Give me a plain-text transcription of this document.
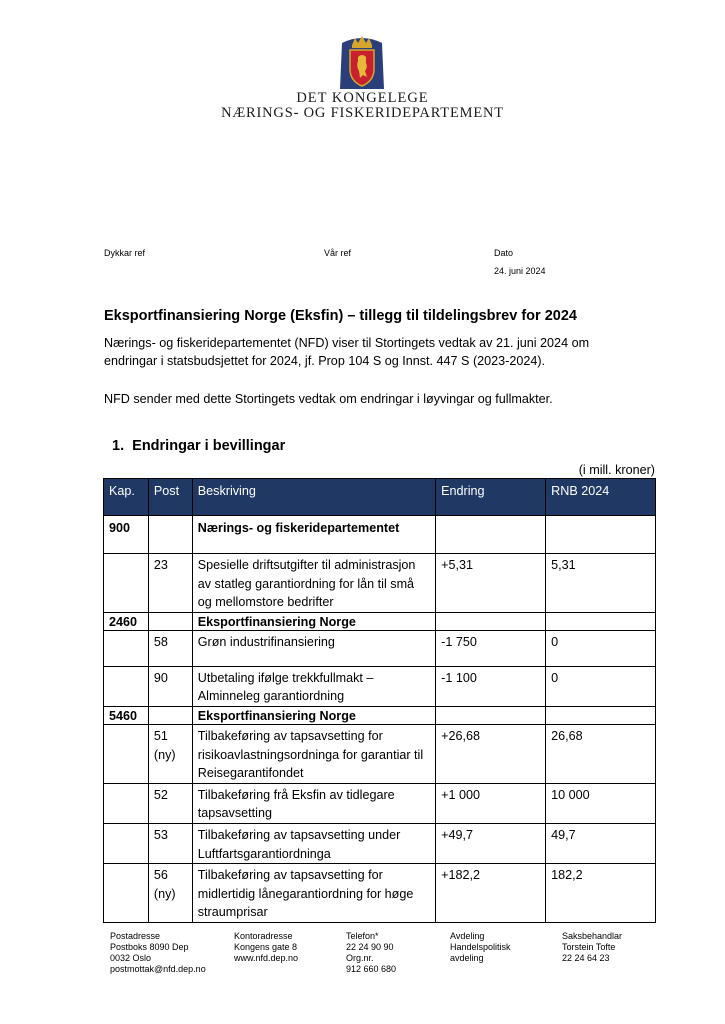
DET KONGELEGE
NÆRINGS- OG FISKERIDEPARTEMENT
Dykkar ref	Vår ref	Dato
24. juni 2024
Eksportfinansiering Norge (Eksfin) – tillegg til tildelingsbrev for 2024
Nærings- og fiskeridepartementet (NFD) viser til Stortingets vedtak av 21. juni 2024 om
endringar i statsbudsjettet for 2024, jf. Prop 104 S og Innst. 447 S (2023-2024).
NFD sender med dette Stortingets vedtak om endringar i løyvingar og fullmakter.
1. Endringar i bevillingar
(i mill. kroner)
Kap.	Post	Beskriving	Endring	RNB 2024
900		Nærings- og fiskeridepartementet		
	23	Spesielle driftsutgifter til administrasjon av statleg garantiordning for lån til små og mellomstore bedrifter	+5,31	5,31
2460		Eksportfinansiering Norge		
	58	Grøn industrifinansiering	-1 750	0
	90	Utbetaling ifølge trekkfullmakt – Alminneleg garantiordning	-1 100	0
5460		Eksportfinansiering Norge		
	51 (ny)	Tilbakeføring av tapsavsetting for risikoavlastningsordninga for garantiar til Reisegarantifondet	+26,68	26,68
	52	Tilbakeføring frå Eksfin av tidlegare tapsavsetting	+1 000	10 000
	53	Tilbakeføring av tapsavsetting under Luftfartsgarantiordninga	+49,7	49,7
	56 (ny)	Tilbakeføring av tapsavsetting for midlertidig lånegarantiordning for høge straumprisar	+182,2	182,2
Postadresse
Postboks 8090 Dep
0032 Oslo
postmottak@nfd.dep.no
Kontoradresse
Kongens gate 8
www.nfd.dep.no
Telefon*
22 24 90 90
Org.nr.
912 660 680
Avdeling
Handelspolitisk
avdeling
Saksbehandlar
Torstein Tofte
22 24 64 23
